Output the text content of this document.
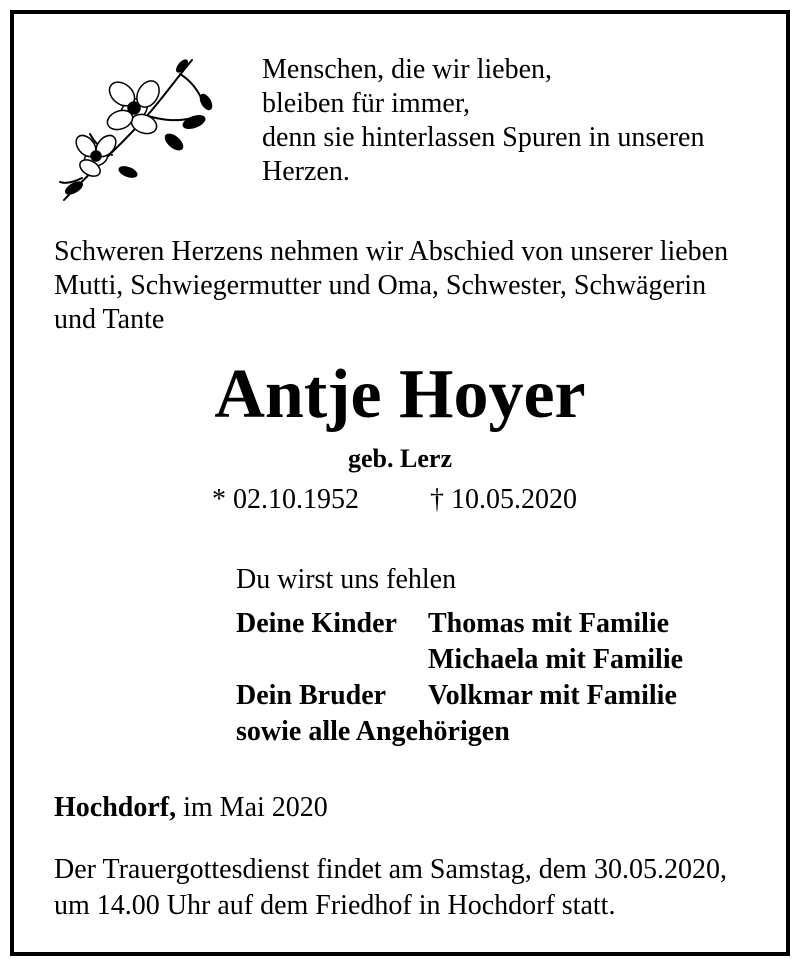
Menschen, die wir lieben,
bleiben für immer,
denn sie hinterlassen Spuren in unseren
Herzen.
Schweren Herzens nehmen wir Abschied von unserer lieben
Mutti, Schwiegermutter und Oma, Schwester, Schwägerin
und Tante
Antje Hoyer
geb. Lerz
* 02.10.1952	† 10.05.2020
Du wirst uns fehlen
Deine Kinder Thomas mit Familie
Michaela mit Familie
Dein Bruder Volkmar mit Familie
sowie alle Angehörigen
Hochdorf, im Mai 2020
Der Trauergottesdienst findet am Samstag, dem 30.05.2020,
um 14.00 Uhr auf dem Friedhof in Hochdorf statt.
